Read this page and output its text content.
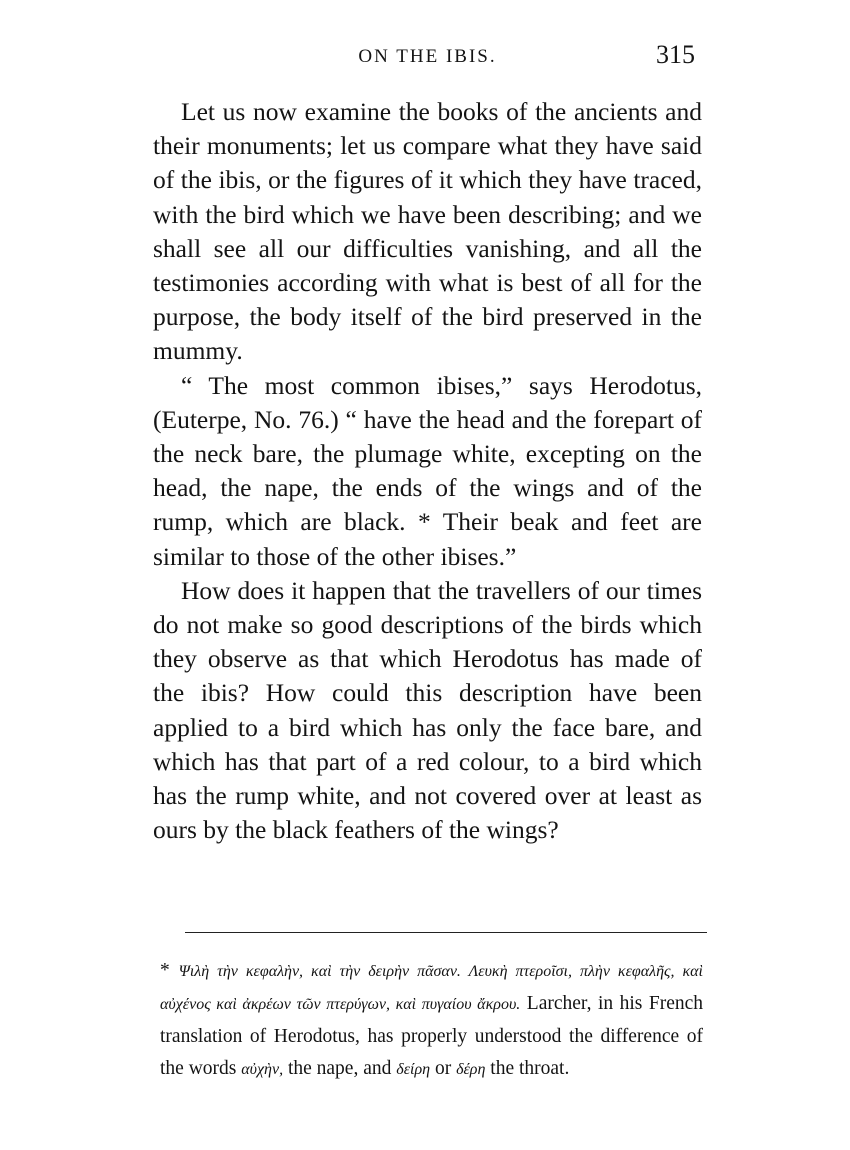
ON THE IBIS.	315

Let us now examine the books of the ancients and their monuments; let us compare what they have said of the ibis, or the figures of it which they have traced, with the bird which we have been describing; and we shall see all our difficulties vanishing, and all the testimonies according with what is best of all for the purpose, the body itself of the bird preserved in the mummy.

“ The most common ibises,” says Herodotus, (Euterpe, No. 76.) “ have the head and the forepart of the neck bare, the plumage white, excepting on the head, the nape, the ends of the wings and of the rump, which are black. * Their beak and feet are similar to those of the other ibises.”

How does it happen that the travellers of our times do not make so good descriptions of the birds which they observe as that which Herodotus has made of the ibis? How could this description have been applied to a bird which has only the face bare, and which has that part of a red colour, to a bird which has the rump white, and not covered over at least as ours by the black feathers of the wings?

* Ψιλὴ τὴν κεφαλὴν, καὶ τὴν δειρὴν πᾶσαν. Λευκὴ πτεροῖσι, πλὴν κεφαλῆς, καὶ αὐχένος καὶ ἀκρέων τῶν πτερύγων, καὶ πυγαίου ἄκρου. Larcher, in his French translation of Herodotus, has properly understood the difference of the words αὐχὴν, the nape, and δείρη or δέρη the throat.
